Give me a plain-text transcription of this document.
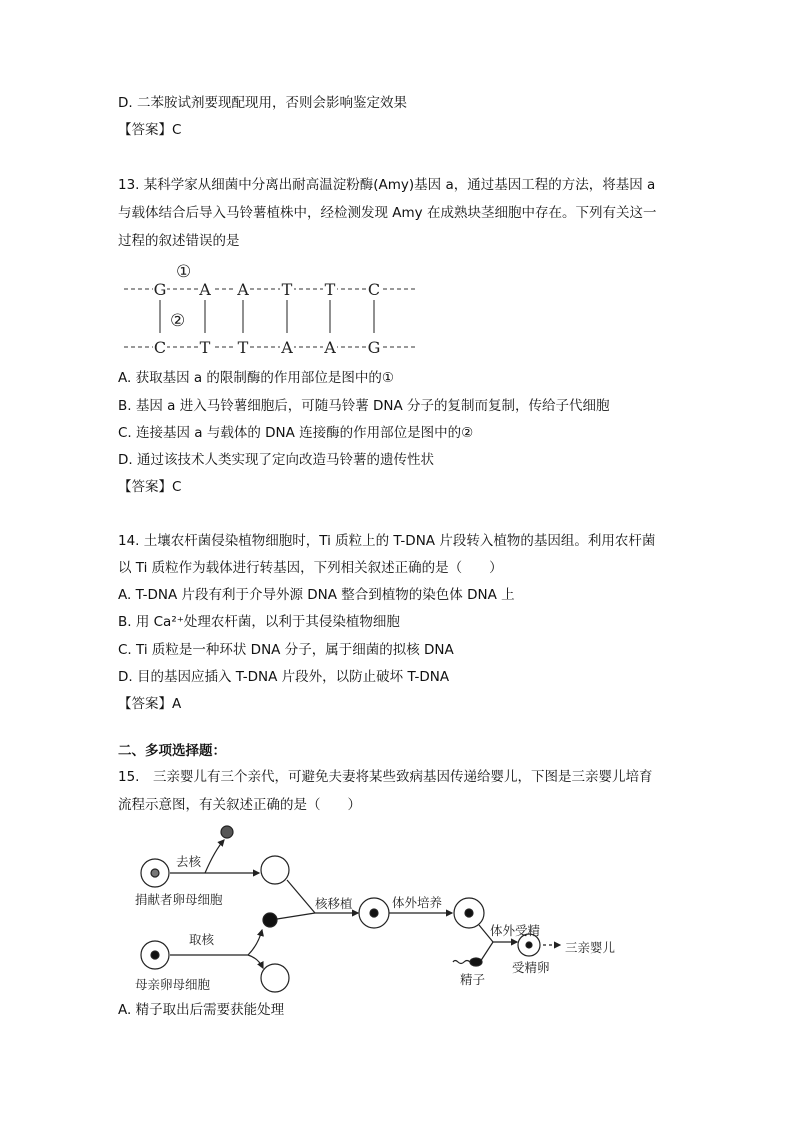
D. 二苯胺试剂要现配现用，否则会影响鉴定效果
【答案】C
13. 某科学家从细菌中分离出耐高温淀粉酶(Amy)基因 a，通过基因工程的方法，将基因 a
与载体结合后导入马铃薯植株中，经检测发现 Amy 在成熟块茎细胞中存在。下列有关这一
过程的叙述错误的是
G
C
A
T
A
T
T
A
T
A
C
G
①
②
去核
捐献者卵母细胞
取核
母亲卵母细胞
核移植	体外培养
体外受精
三亲婴儿
精子
受精卵
A. 获取基因 a 的限制酶的作用部位是图中的①
B. 基因 a 进入马铃薯细胞后，可随马铃薯 DNA 分子的复制而复制，传给子代细胞
C. 连接基因 a 与载体的 DNA 连接酶的作用部位是图中的②
D. 通过该技术人类实现了定向改造马铃薯的遗传性状
【答案】C
14. 土壤农杆菌侵染植物细胞时，Ti 质粒上的 T-DNA 片段转入植物的基因组。利用农杆菌
以 Ti 质粒作为载体进行转基因，下列相关叙述正确的是（　　）
A. T-DNA 片段有利于介导外源 DNA 整合到植物的染色体 DNA 上
B. 用 Ca²⁺处理农杆菌，以利于其侵染植物细胞
C. Ti 质粒是一种环状 DNA 分子，属于细菌的拟核 DNA
D. 目的基因应插入 T-DNA 片段外，以防止破坏 T-DNA
【答案】A
二、多项选择题：
15.　三亲婴儿有三个亲代，可避免夫妻将某些致病基因传递给婴儿，下图是三亲婴儿培育
流程示意图，有关叙述正确的是（　　）
A. 精子取出后需要获能处理
